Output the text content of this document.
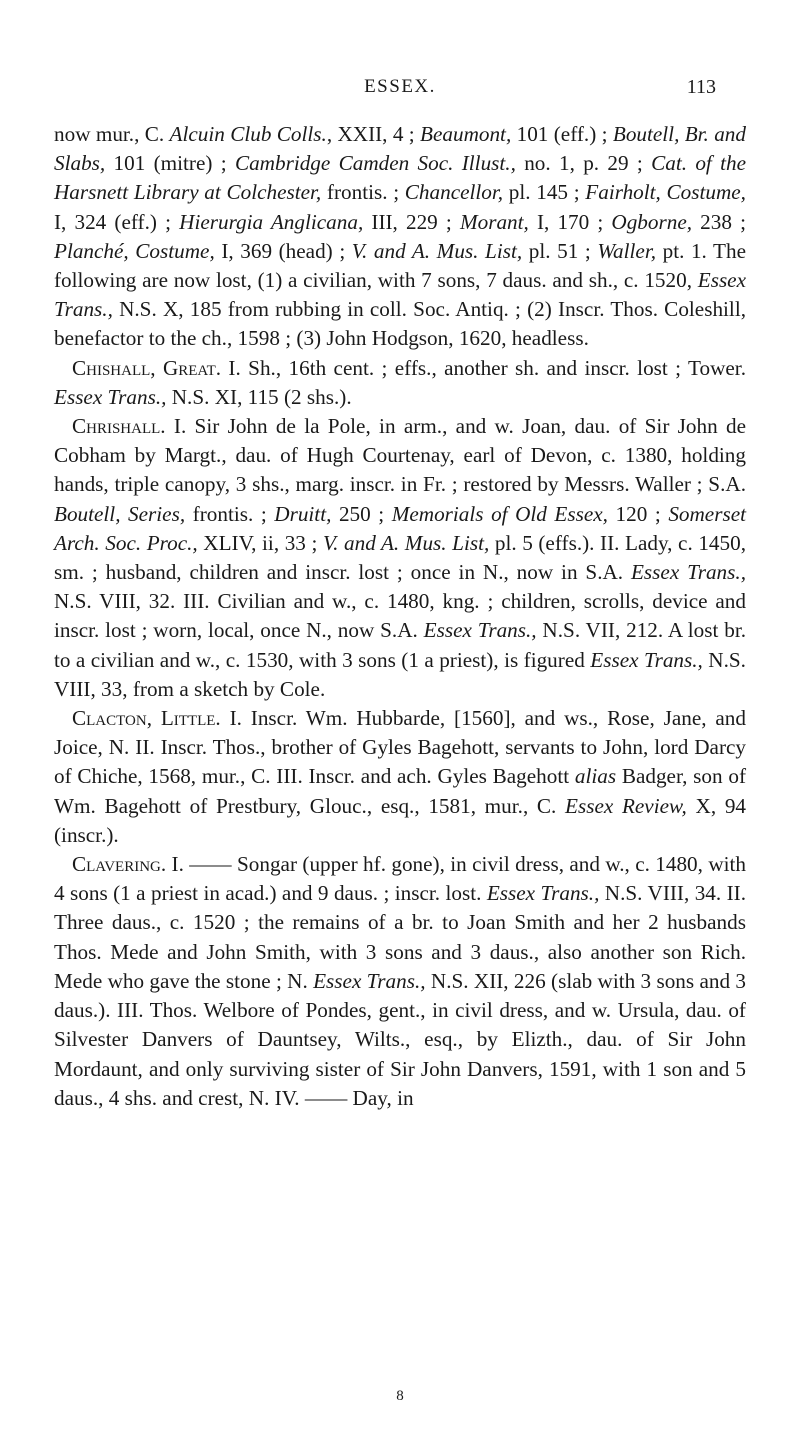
ESSEX.	113

now mur., C. Alcuin Club Colls., XXII, 4 ; Beaumont, 101 (eff.) ; Boutell, Br. and Slabs, 101 (mitre) ; Cambridge Camden Soc. Illust., no. 1, p. 29 ; Cat. of the Harsnett Library at Colchester, frontis. ; Chancellor, pl. 145 ; Fairholt, Costume, I, 324 (eff.) ; Hierurgia Anglicana, III, 229 ; Morant, I, 170 ; Ogborne, 238 ; Planché, Costume, I, 369 (head) ; V. and A. Mus. List, pl. 51 ; Waller, pt. 1. The following are now lost, (1) a civilian, with 7 sons, 7 daus. and sh., c. 1520, Essex Trans., N.S. X, 185 from rubbing in coll. Soc. Antiq. ; (2) Inscr. Thos. Coleshill, benefactor to the ch., 1598 ; (3) John Hodgson, 1620, headless.

Chishall, Great. I. Sh., 16th cent. ; effs., another sh. and inscr. lost ; Tower. Essex Trans., N.S. XI, 115 (2 shs.).

Chrishall. I. Sir John de la Pole, in arm., and w. Joan, dau. of Sir John de Cobham by Margt., dau. of Hugh Courtenay, earl of Devon, c. 1380, holding hands, triple canopy, 3 shs., marg. inscr. in Fr. ; restored by Messrs. Waller ; S.A. Boutell, Series, frontis. ; Druitt, 250 ; Memorials of Old Essex, 120 ; Somerset Arch. Soc. Proc., XLIV, ii, 33 ; V. and A. Mus. List, pl. 5 (effs.). II. Lady, c. 1450, sm. ; husband, children and inscr. lost ; once in N., now in S.A. Essex Trans., N.S. VIII, 32. III. Civilian and w., c. 1480, kng. ; children, scrolls, device and inscr. lost ; worn, local, once N., now S.A. Essex Trans., N.S. VII, 212. A lost br. to a civilian and w., c. 1530, with 3 sons (1 a priest), is figured Essex Trans., N.S. VIII, 33, from a sketch by Cole.

Clacton, Little. I. Inscr. Wm. Hubbarde, [1560], and ws., Rose, Jane, and Joice, N. II. Inscr. Thos., brother of Gyles Bagehott, servants to John, lord Darcy of Chiche, 1568, mur., C. III. Inscr. and ach. Gyles Bagehott alias Badger, son of Wm. Bagehott of Prestbury, Glouc., esq., 1581, mur., C. Essex Review, X, 94 (inscr.).

Clavering. I. —— Songar (upper hf. gone), in civil dress, and w., c. 1480, with 4 sons (1 a priest in acad.) and 9 daus. ; inscr. lost. Essex Trans., N.S. VIII, 34. II. Three daus., c. 1520 ; the remains of a br. to Joan Smith and her 2 husbands Thos. Mede and John Smith, with 3 sons and 3 daus., also another son Rich. Mede who gave the stone ; N. Essex Trans., N.S. XII, 226 (slab with 3 sons and 3 daus.). III. Thos. Welbore of Pondes, gent., in civil dress, and w. Ursula, dau. of Silvester Danvers of Dauntsey, Wilts., esq., by Elizth., dau. of Sir John Mordaunt, and only surviving sister of Sir John Danvers, 1591, with 1 son and 5 daus., 4 shs. and crest, N. IV. —— Day, in

8
